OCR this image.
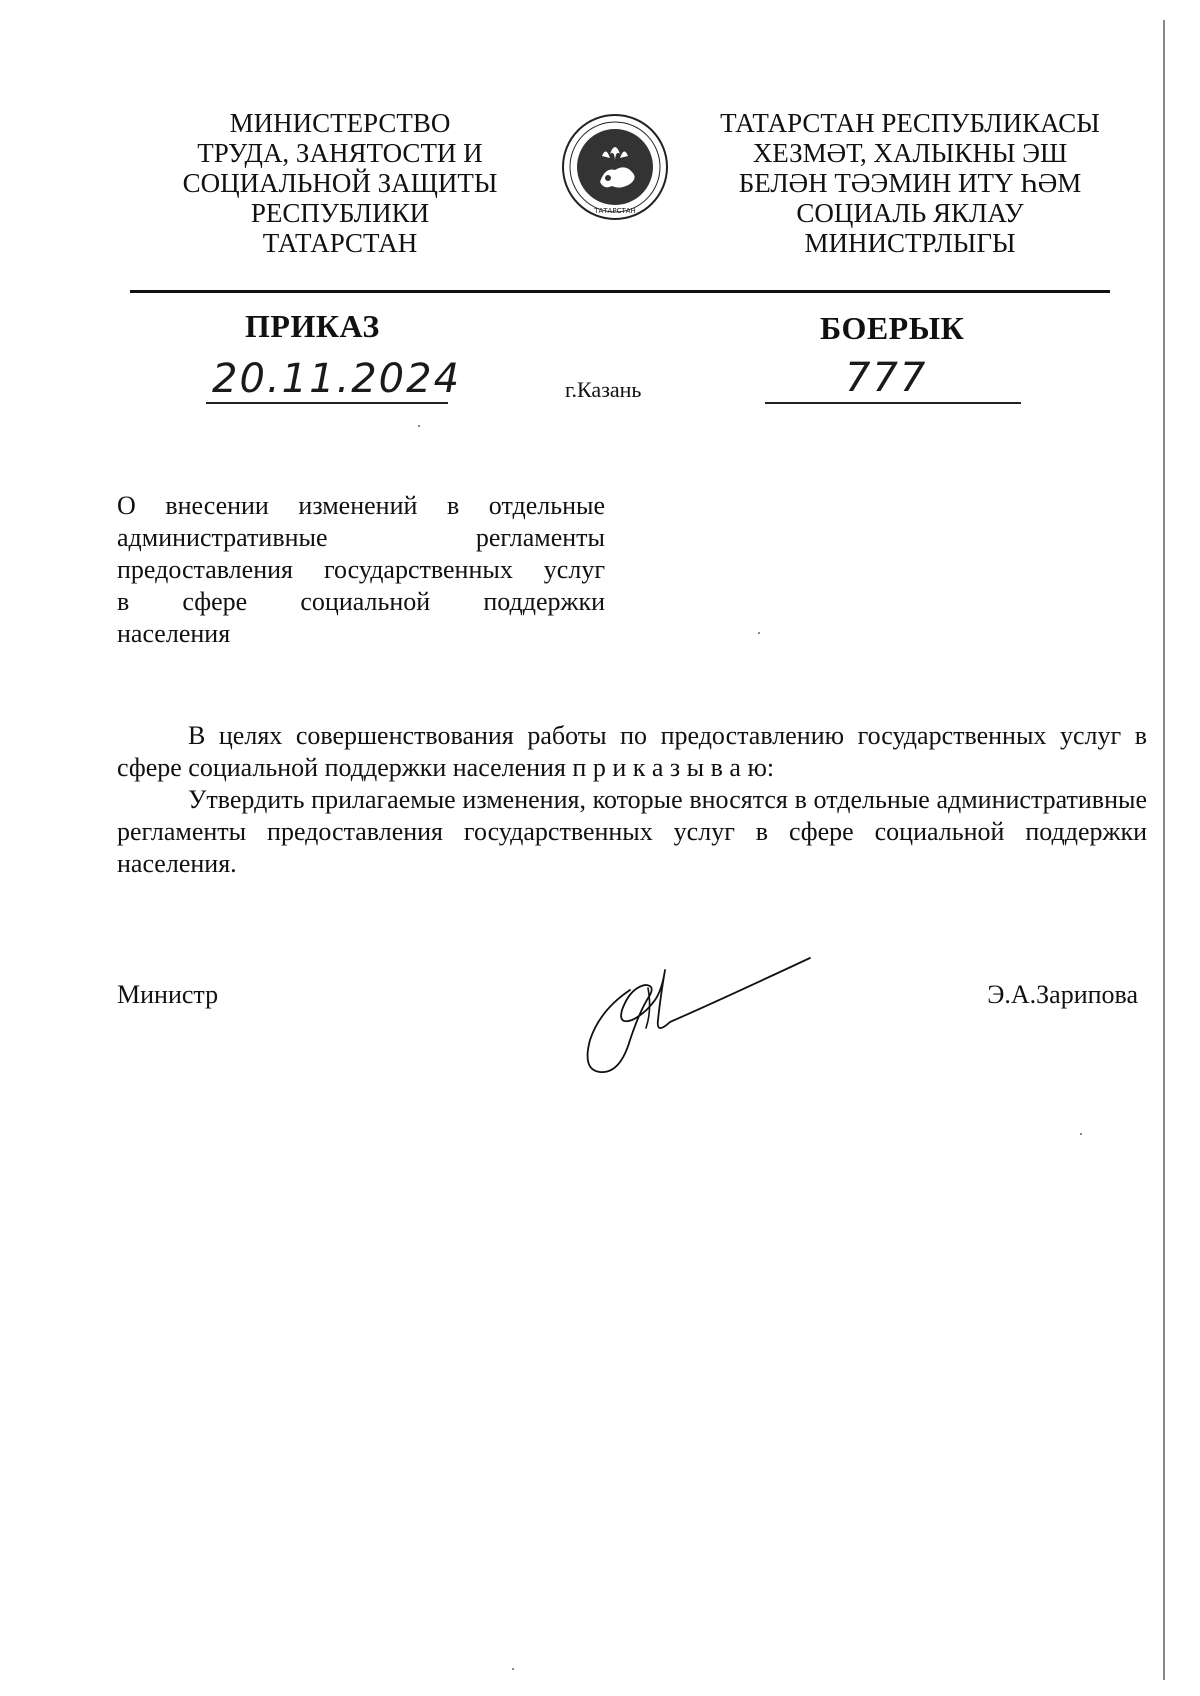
МИНИСТЕРСТВО
ТРУДА, ЗАНЯТОСТИ И
СОЦИАЛЬНОЙ ЗАЩИТЫ
РЕСПУБЛИКИ
ТАТАРСТАН
ТАТАРСТАН
ТАТАРСТАН РЕСПУБЛИКАСЫ
ХЕЗМӘТ, ХАЛЫКНЫ ЭШ
БЕЛӘН ТӘЭМИН ИТҮ ҺӘМ
СОЦИАЛЬ ЯКЛАУ
МИНИСТРЛЫГЫ
ПРИКАЗ	БОЕРЫК
20.11.2024	г.Казань	777
О внесении изменений в отдельные
административные регламенты
предоставления государственных услуг
в сфере социальной поддержки
населения

В целях совершенствования работы по предоставлению государственных услуг в сфере социальной поддержки населения п р и к а з ы в а ю:

Утвердить прилагаемые изменения, которые вносятся в отдельные административные регламенты предоставления государственных услуг в сфере социальной поддержки населения.

Министр	Э.А.Зарипова
